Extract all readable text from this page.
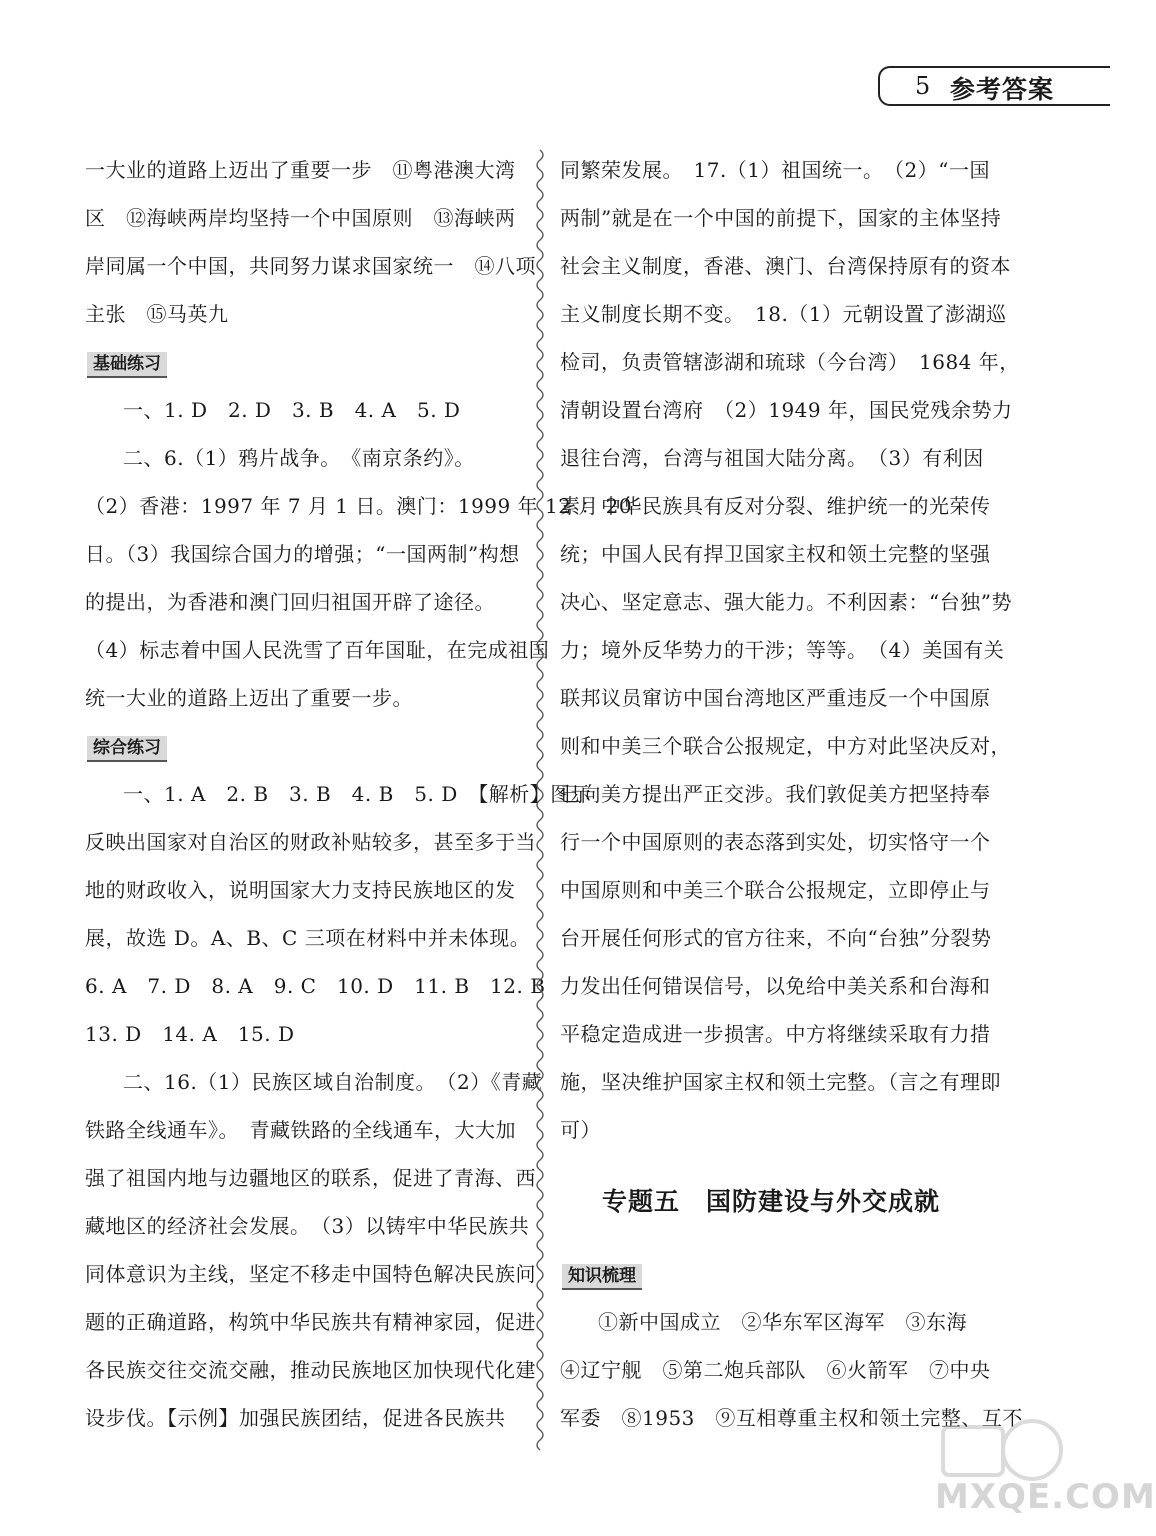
5 参考答案
一大业的道路上迈出了重要一步　⑪粤港澳大湾
区　⑫海峡两岸均坚持一个中国原则　⑬海峡两
岸同属一个中国，共同努力谋求国家统一　⑭八项
主张　⑮马英九
基础练习
一、1. D　2. D　3. B　4. A　5. D
二、6.（1）鸦片战争。　《南京条约》。
（2）香港：1997 年 7 月 1 日。澳门：1999 年 12 月 20
日。（3）我国综合国力的增强；“一国两制”构想
的提出，为香港和澳门回归祖国开辟了途径。
（4）标志着中国人民洗雪了百年国耻，在完成祖国
统一大业的道路上迈出了重要一步。
综合练习
一、1. A　2. B　3. B　4. B　5. D　【解析】图示
反映出国家对自治区的财政补贴较多，甚至多于当
地的财政收入，说明国家大力支持民族地区的发
展，故选 D。A、B、C 三项在材料中并未体现。
6. A　7. D　8. A　9. C　10. D　11. B　12. B
13. D　14. A　15. D
二、16.（1）民族区域自治制度。　（2）《青藏
铁路全线通车》。　青藏铁路的全线通车，大大加
强了祖国内地与边疆地区的联系，促进了青海、西
藏地区的经济社会发展。　（3）以铸牢中华民族共
同体意识为主线，坚定不移走中国特色解决民族问
题的正确道路，构筑中华民族共有精神家园，促进
各民族交往交流交融，推动民族地区加快现代化建
设步伐。【示例】加强民族团结，促进各民族共
同繁荣发展。　17.（1）祖国统一。　（2）“一国
两制”就是在一个中国的前提下，国家的主体坚持
社会主义制度，香港、澳门、台湾保持原有的资本
主义制度长期不变。　18.（1）元朝设置了澎湖巡
检司，负责管辖澎湖和琉球（今台湾）　1684 年，
清朝设置台湾府　（2）1949 年，国民党残余势力
退往台湾，台湾与祖国大陆分离。　（3）有利因
素：中华民族具有反对分裂、维护统一的光荣传
统；中国人民有捍卫国家主权和领土完整的坚强
决心、坚定意志、强大能力。不利因素：“台独”势
力；境外反华势力的干涉；等等。　（4）美国有关
联邦议员窜访中国台湾地区严重违反一个中国原
则和中美三个联合公报规定，中方对此坚决反对，
已向美方提出严正交涉。我们敦促美方把坚持奉
行一个中国原则的表态落到实处，切实恪守一个
中国原则和中美三个联合公报规定，立即停止与
台开展任何形式的官方往来，不向“台独”分裂势
力发出任何错误信号，以免给中美关系和台海和
平稳定造成进一步损害。中方将继续采取有力措
施，坚决维护国家主权和领土完整。（言之有理即
可）
专题五　国防建设与外交成就
知识梳理
①新中国成立　②华东军区海军　③东海
④辽宁舰　⑤第二炮兵部队　⑥火箭军　⑦中央
军委　⑧1953　⑨互相尊重主权和领土完整、互不
MXQE.COM
